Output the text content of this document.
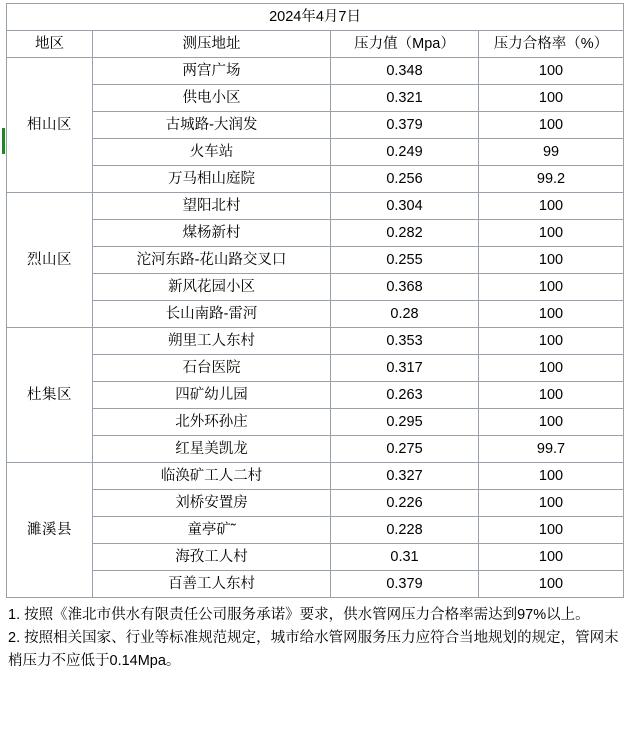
2024年4月7日			
地区	测压地址	压力值（Mpa）	压力合格率（%）
相山区	两宫广场	0.348	100
	供电小区	0.321	100
	古城路-大润发	0.379	100
	火车站	0.249	99
	万马相山庭院	0.256	99.2
烈山区	望阳北村	0.304	100
	煤杨新村	0.282	100
	沱河东路-花山路交叉口	0.255	100
	新风花园小区	0.368	100
	长山南路-雷河	0.28	100
杜集区	朔里工人东村	0.353	100
	石台医院	0.317	100
	四矿幼儿园	0.263	100
	北外环孙庄	0.295	100
	红星美凯龙	0.275	99.7
濉溪县	临涣矿工人二村	0.327	100
	刘桥安置房	0.226	100
	童亭矿˜	0.228	100
	海孜工人村	0.31	100
	百善工人东村	0.379	100

1. 按照《淮北市供水有限责任公司服务承诺》要求，供水管网压力合格率需达到97%以上。

2. 按照相关国家、行业等标准规范规定，城市给水管网服务压力应符合当地规划的规定，管网末梢压力不应低于0.14Mpa。
